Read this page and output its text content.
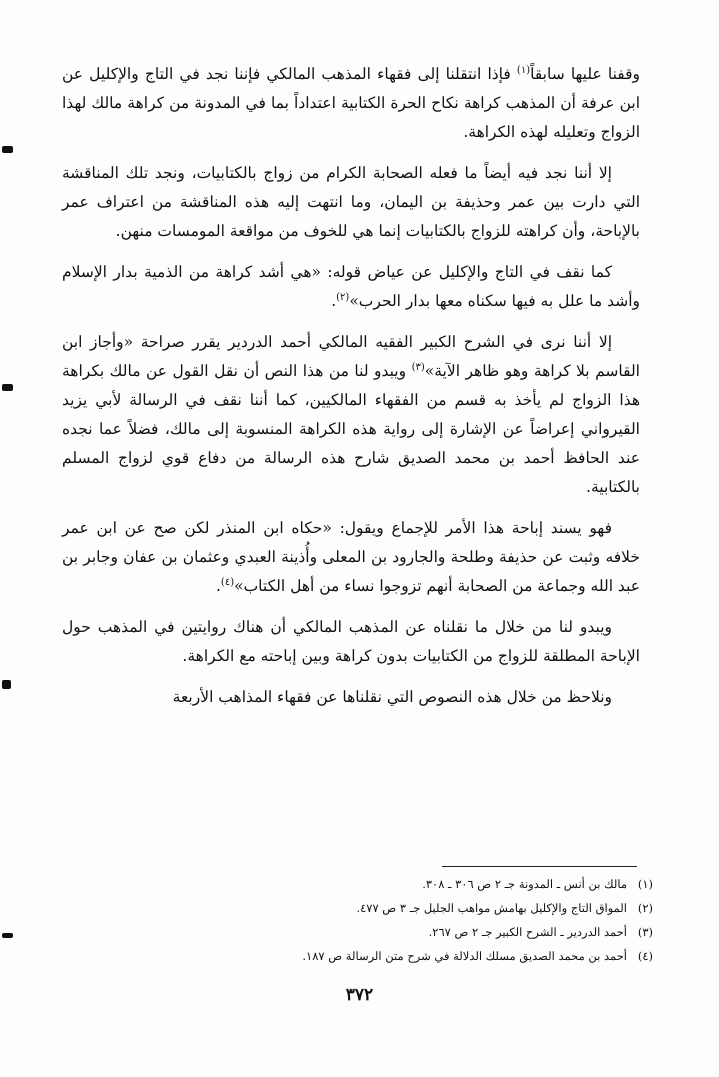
وقفنا عليها سابقاً$^{(١)}$ فإذا انتقلنا إلى فقهاء المذهب المالكي فإننا نجد في التاج والإكليل عن ابن عرفة أن المذهب كراهة نكاح الحرة الكتابية اعتداداً بما في المدونة من كراهة مالك لهذا الزواج وتعليله لهذه الكراهة.

إلا أننا نجد فيه أيضاً ما فعله الصحابة الكرام من زواج بالكتابيات، ونجد تلك المناقشة التي دارت بين عمر وحذيفة بن اليمان، وما انتهت إليه هذه المناقشة من اعتراف عمر بالإباحة، وأن كراهته للزواج بالكتابيات إنما هي للخوف من مواقعة المومسات منهن.

كما نقف في التاج والإكليل عن عياض قوله: «هي أشد كراهة من الذمية بدار الإسلام وأشد ما علل به فيها سكناه معها بدار الحرب»$^{(٢)}$.

إلا أننا نرى في الشرح الكبير الفقيه المالكي أحمد الدردير يقرر صراحة «وأجاز ابن القاسم بلا كراهة وهو ظاهر الآية»$^{(٣)}$ ويبدو لنا من هذا النص أن نقل القول عن مالك بكراهة هذا الزواج لم يأخذ به قسم من الفقهاء المالكيين، كما أننا نقف في الرسالة لأبي يزيد القيرواني إعراضاً عن الإشارة إلى رواية هذه الكراهة المنسوبة إلى مالك، فضلاً عما نجده عند الحافظ أحمد بن محمد الصديق شارح هذه الرسالة من دفاع قوي لزواج المسلم بالكتابية.

فهو يسند إباحة هذا الأمر للإجماع ويقول: «حكاه ابن المنذر لكن صح عن ابن عمر خلافه وثبت عن حذيفة وطلحة والجارود بن المعلى وأُذينة العبدي وعثمان بن عفان وجابر بن عبد الله وجماعة من الصحابة أنهم تزوجوا نساء من أهل الكتاب»$^{(٤)}$.

ويبدو لنا من خلال ما نقلناه عن المذهب المالكي أن هناك روايتين في المذهب حول الإباحة المطلقة للزواج من الكتابيات بدون كراهة وبين إباحته مع الكراهة.

ونلاحظ من خلال هذه النصوص التي نقلناها عن فقهاء المذاهب الأربعة

(١)
مالك بن أنس ـ المدونة جـ ٢ ص ٣٠٦ ـ ٣٠٨.
(٢)
المواق التاج والإكليل بهامش مواهب الجليل جـ ٣ ص ٤٧٧.
(٣)
أحمد الدردير ـ الشرح الكبير جـ ٢ ص ٢٦٧.
(٤)
أحمد بن محمد الصديق مسلك الدلالة في شرح متن الرسالة ص ١٨٧.
٣٧٢
